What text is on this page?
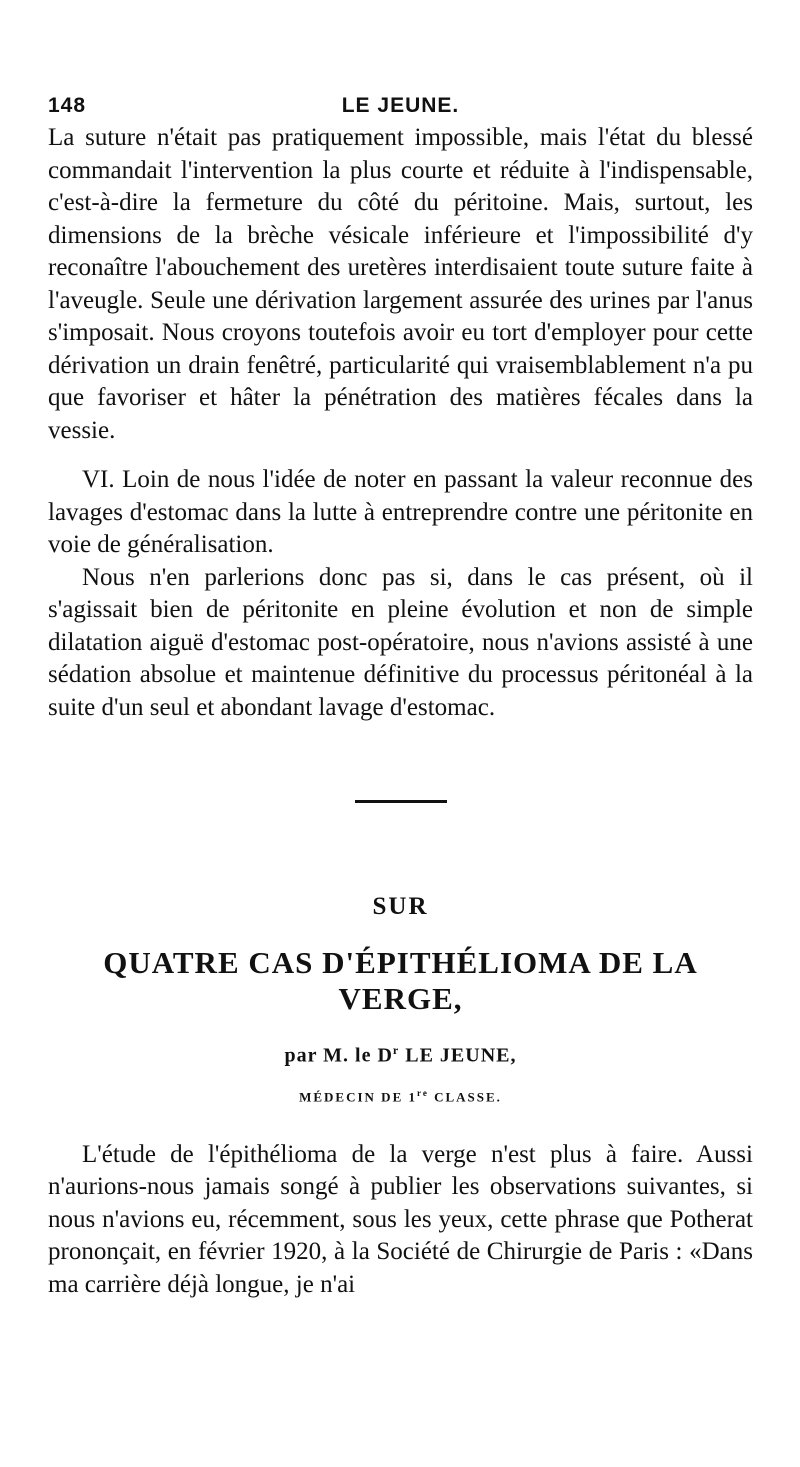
148	LE JEUNE.

La suture n'était pas pratiquement impossible, mais l'état du blessé commandait l'intervention la plus courte et réduite à l'indispensable, c'est-à-dire la fermeture du côté du péritoine. Mais, surtout, les dimensions de la brèche vésicale inférieure et l'impossibilité d'y reconaître l'abouchement des uretères interdisaient toute suture faite à l'aveugle. Seule une dérivation largement assurée des urines par l'anus s'imposait. Nous croyons toutefois avoir eu tort d'employer pour cette dérivation un drain fenêtré, particularité qui vraisemblablement n'a pu que favoriser et hâter la pénétration des matières fécales dans la vessie.

VI. Loin de nous l'idée de noter en passant la valeur reconnue des lavages d'estomac dans la lutte à entreprendre contre une péritonite en voie de généralisation.

Nous n'en parlerions donc pas si, dans le cas présent, où il s'agissait bien de péritonite en pleine évolution et non de simple dilatation aiguë d'estomac post-opératoire, nous n'avions assisté à une sédation absolue et maintenue définitive du processus péritonéal à la suite d'un seul et abondant lavage d'estomac.

SUR
QUATRE CAS D'ÉPITHÉLIOMA DE LA VERGE,
par M. le $D^r$ LE JEUNE,
MÉDECIN DE 1re CLASSE.

L'étude de l'épithélioma de la verge n'est plus à faire. Aussi n'aurions-nous jamais songé à publier les observations suivantes, si nous n'avions eu, récemment, sous les yeux, cette phrase que Potherat prononçait, en février 1920, à la Société de Chirurgie de Paris : «Dans ma carrière déjà longue, je n'ai
